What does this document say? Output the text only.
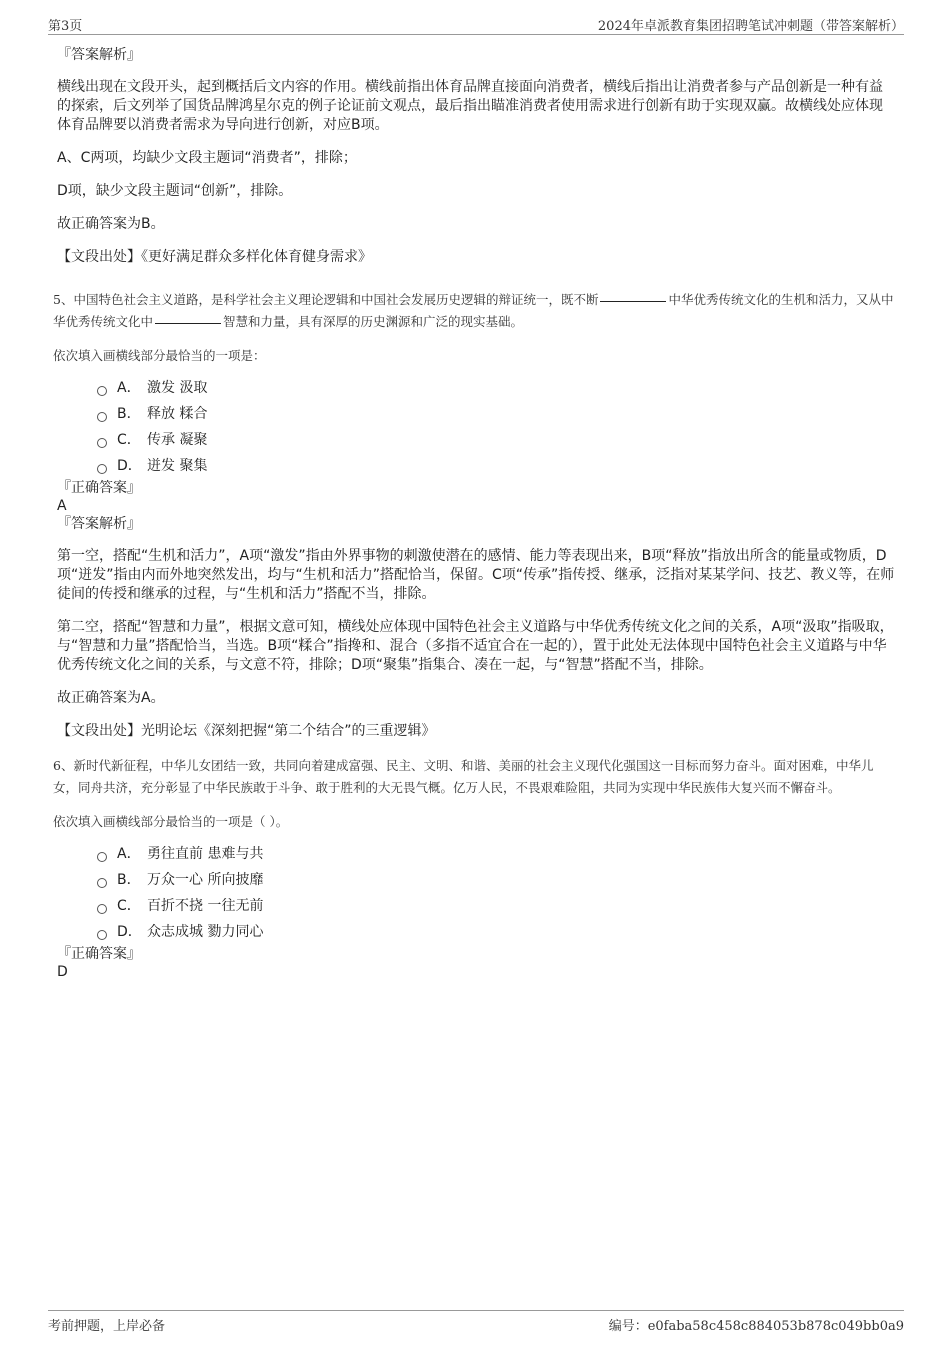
第3页	2024年卓派教育集团招聘笔试冲刺题（带答案解析）

『答案解析』

横线出现在文段开头，起到概括后文内容的作用。横线前指出体育品牌直接面向消费者，横线后指出让消费者参与产品创新是一种有益的探索，后文列举了国货品牌鸿星尔克的例子论证前文观点，最后指出瞄准消费者使用需求进行创新有助于实现双赢。故横线处应体现体育品牌要以消费者需求为导向进行创新，对应B项。

A、C两项，均缺少文段主题词“消费者”，排除；

D项，缺少文段主题词“创新”，排除。

故正确答案为B。

【文段出处】《更好满足群众多样化体育健身需求》

5、中国特色社会主义道路，是科学社会主义理论逻辑和中国社会发展历史逻辑的辩证统一，既不断	中华优秀传统文化的生机和活力，又从中华优秀传统文化中	智慧和力量，具有深厚的历史渊源和广泛的现实基础。

依次填入画横线部分最恰当的一项是：

A． 激发 汲取
B． 释放 糅合
C． 传承 凝聚
D． 迸发 聚集

『正确答案』

A

『答案解析』

第一空，搭配“生机和活力”，A项“激发”指由外界事物的刺激使潜在的感情、能力等表现出来，B项“释放”指放出所含的能量或物质，D项“迸发”指由内而外地突然发出，均与“生机和活力”搭配恰当，保留。C项“传承”指传授、继承，泛指对某某学问、技艺、教义等，在师徒间的传授和继承的过程，与“生机和活力”搭配不当，排除。

第二空，搭配“智慧和力量”，根据文意可知，横线处应体现中国特色社会主义道路与中华优秀传统文化之间的关系，A项“汲取”指吸取，与“智慧和力量”搭配恰当，当选。B项“糅合”指搀和、混合（多指不适宜合在一起的），置于此处无法体现中国特色社会主义道路与中华优秀传统文化之间的关系，与文意不符，排除；D项“聚集”指集合、凑在一起，与“智慧”搭配不当，排除。

故正确答案为A。

【文段出处】光明论坛《深刻把握“第二个结合”的三重逻辑》

6、新时代新征程，中华儿女团结一致，共同向着建成富强、民主、文明、和谐、美丽的社会主义现代化强国这一目标而努力奋斗。面对困难，中华儿女，同舟共济，充分彰显了中华民族敢于斗争、敢于胜利的大无畏气概。亿万人民，不畏艰难险阻，共同为实现中华民族伟大复兴而不懈奋斗。

依次填入画横线部分最恰当的一项是（ ）。

A． 勇往直前 患难与共
B． 万众一心 所向披靡
C． 百折不挠 一往无前
D． 众志成城 勠力同心

『正确答案』

D

考前押题，上岸必备	编号：e0faba58c458c884053b878c049bb0a9
